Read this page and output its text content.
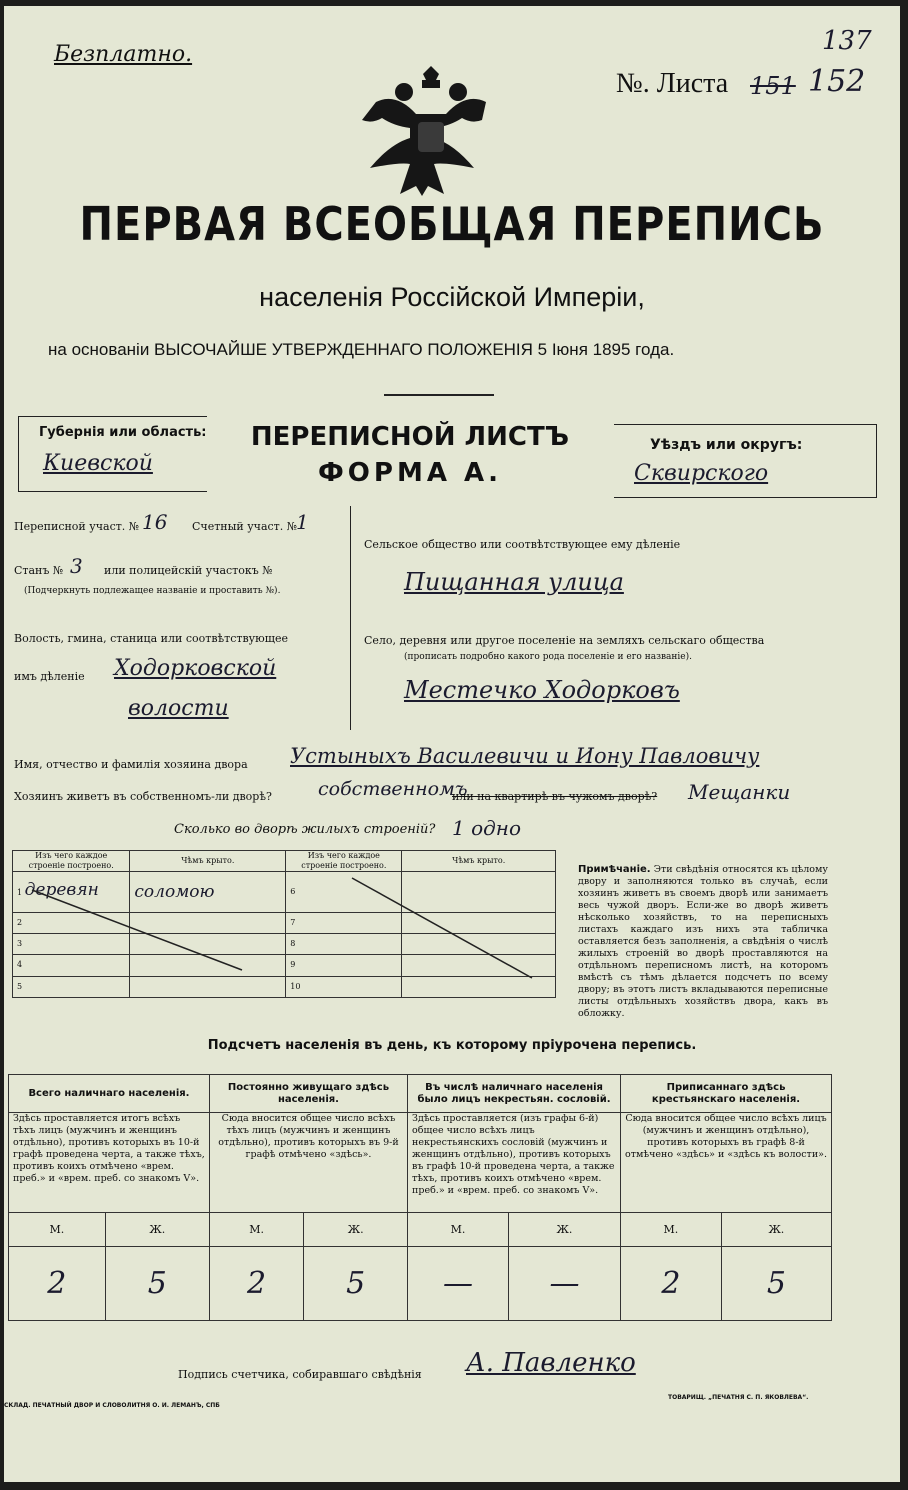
Безплатно.
№. Листа 151 152
137
ПЕРВАЯ ВСЕОБЩАЯ ПЕРЕПИСЬ
населенія Россійской Имперіи,
на основаніи ВЫСОЧАЙШЕ УТВЕРЖДЕННАГО ПОЛОЖЕНІЯ 5 Іюня 1895 года.
Губернія или область:
Киевской
ПЕРЕПИСНОЙ ЛИСТЪ
ФОРМА А.
Уѣздъ или округъ:
Сквирского
Переписной участ. № 16 Счетный участ. №
1
Станъ № 3 или полицейскій участокъ №
(Подчеркнуть подлежащее названіе и проставить №).
Волость, гмина, станица или соотвѣтствующее
имъ дѣленіе Ходорковской
волости
Сельское общество или соотвѣтствующее ему дѣленіе
Пищанная улица
Село, деревня или другое поселеніе на земляхъ сельскаго общества
(прописать подробно какого рода поселеніе и его названіе).
Местечко Ходорковъ
Имя, отчество и фамилія хозяина двора Устыныхъ Василевичи и Иону Павловичу
Хозяинъ живетъ въ собственномъ-ли дворѣ? собственномъ
или на квартирѣ въ чужомъ дворѣ? Мещанки
Сколько во дворѣ жилыхъ строеній? 1 одно
Изъ чего каждое строеніе построено.	Чѣмъ крыто.	Изъ чего каждое строеніе построено.	Чѣмъ крыто.
1 деревян	соломою	6	
2		7	
3		8	
4		9	
5		10	
Примѣчаніе. Эти свѣдѣнія относятся къ цѣлому двору и заполняются только въ случаѣ, если хозяинъ живетъ въ своемъ дворѣ или занимаетъ весь чужой дворъ. Если-же во дворѣ живетъ нѣсколько хозяйствъ, то на переписныхъ листахъ каждаго изъ нихъ эта табличка оставляется безъ заполненія, а свѣдѣнія о числѣ жилыхъ строеній во дворѣ проставляются на отдѣльномъ переписномъ листѣ, на которомъ вмѣстѣ съ тѣмъ дѣлается подсчетъ по всему двору; въ этотъ листъ вкладываются переписные листы отдѣльныхъ хозяйствъ двора, какъ въ обложку.
Подсчетъ населенія въ день, къ которому пріурочена перепись.
Всего наличнаго населенія.		Постоянно живущаго здѣсь населенія.		Въ числѣ наличнаго населенія было лицъ некрестьян. сословій.		Приписаннаго здѣсь крестьянскаго населенія.	
Здѣсь проставляется итогъ всѣхъ тѣхъ лицъ (мужчинъ и женщинъ отдѣльно), противъ которыхъ въ 10-й графѣ проведена черта, а также тѣхъ, противъ коихъ отмѣчено «врем. преб.» и «врем. преб. со знакомъ V».		Сюда вносится общее число всѣхъ тѣхъ лицъ (мужчинъ и женщинъ отдѣльно), противъ которыхъ въ 9-й графѣ отмѣчено «здѣсь».		Здѣсь проставляется (изъ графы 6-й) общее число всѣхъ лицъ некрестьянскихъ сословій (мужчинъ и женщинъ отдѣльно), противъ которыхъ въ графѣ 10-й проведена черта, а также тѣхъ, противъ коихъ отмѣчено «врем. преб.» и «врем. преб. со знакомъ V».		Сюда вносится общее число всѣхъ лицъ (мужчинъ и женщинъ отдѣльно), противъ которыхъ въ графѣ 8-й отмѣчено «здѣсь» и «здѣсь къ волости».	
М.	Ж.	М.	Ж.	М.	Ж.	М.	Ж.
2	5	2	5	—	—	2	5
Подпись счетчика, собиравшаго свѣдѣнія А. Павленко
СКЛАД. ПЕЧАТНЫЙ ДВОР И СЛОВОЛИТНЯ О. И. ЛЕМАНЪ, СПБ
ТОВАРИЩ. „ПЕЧАТНЯ С. П. ЯКОВЛЕВА“.
